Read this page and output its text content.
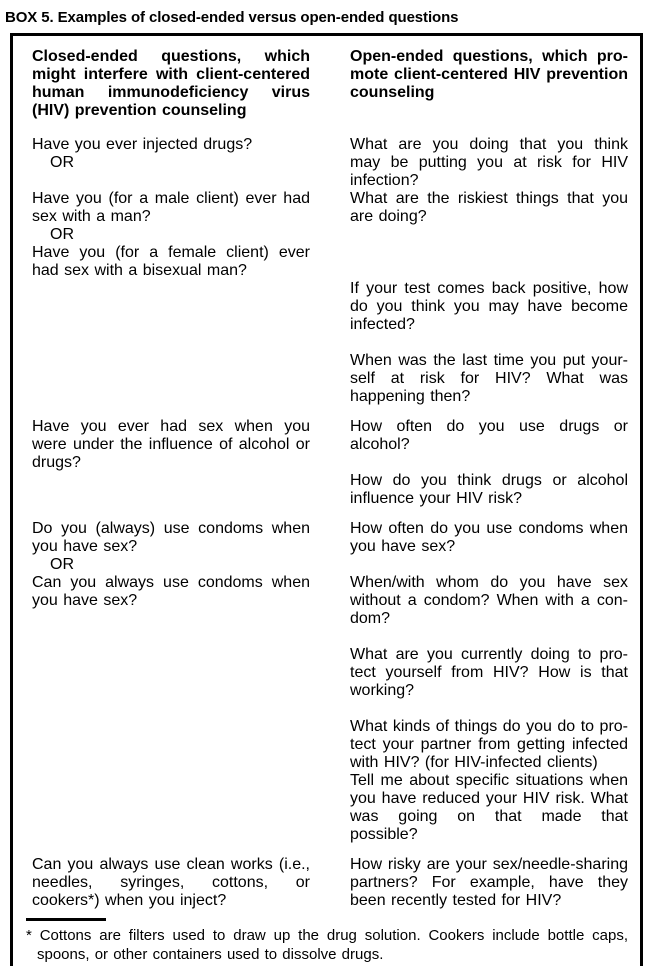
BOX 5. Examples of closed-ended versus open-ended questions
Closed-ended questions, which might interfere with client-centered human immunodeficiency virus (HIV) prevention counseling
Open-ended questions, which promote client-centered HIV prevention counseling

Have you ever injected drugs?

OR

Have you (for a male client) ever had sex with a man?

OR

Have you (for a female client) ever had sex with a bisexual man?

What are you doing that you think may be putting you at risk for HIV infection?

What are the riskiest things that you are doing?

If your test comes back positive, how do you think you may have become infected?

When was the last time you put yourself at risk for HIV? What was happening then?

Have you ever had sex when you were under the influence of alcohol or drugs?

How often do you use drugs or alcohol?

How do you think drugs or alcohol influence your HIV risk?

Do you (always) use condoms when you have sex?

OR

Can you always use condoms when you have sex?

How often do you use condoms when you have sex?

When/with whom do you have sex without a condom? When with a condom?

What are you currently doing to protect yourself from HIV? How is that working?

What kinds of things do you do to protect your partner from getting infected with HIV? (for HIV-infected clients)

Tell me about specific situations when you have reduced your HIV risk. What was going on that made that possible?

Can you always use clean works (i.e., needles, syringes, cottons, or cookers*) when you inject?

How risky are your sex/needle-sharing partners? For example, have they been recently tested for HIV?

* Cottons are filters used to draw up the drug solution. Cookers include bottle caps, spoons, or other containers used to dissolve drugs.
